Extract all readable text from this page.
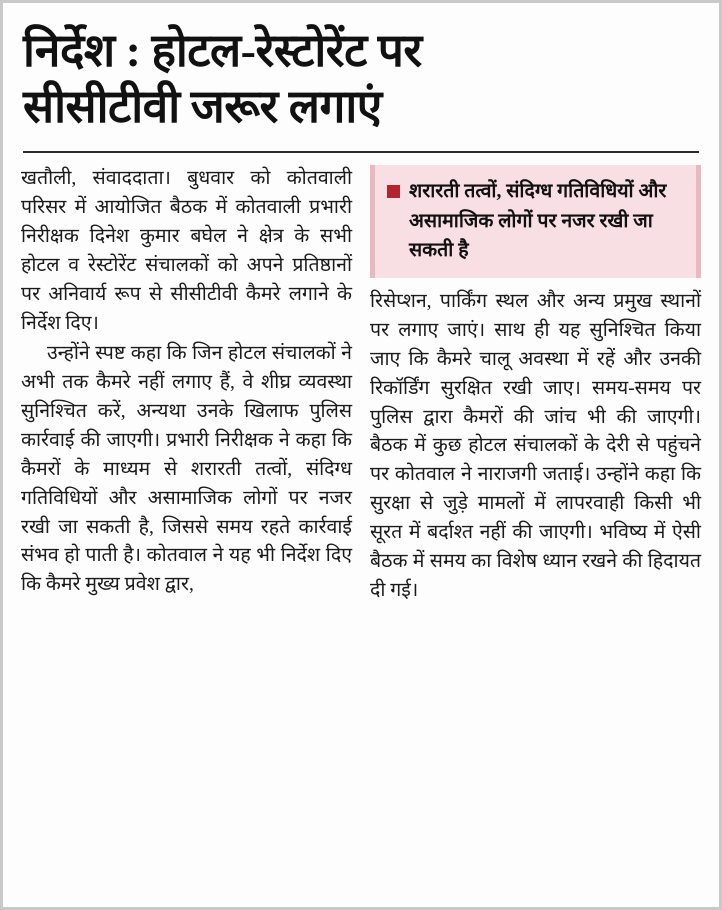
निर्देश : होटल-रेस्टोरेंट पर
सीसीटीवी जरूर लगाएं

खतौली, संवाददाता। बुधवार को कोतवाली परिसर में आयोजित बैठक में कोतवाली प्रभारी निरीक्षक दिनेश कुमार बघेल ने क्षेत्र के सभी होटल व रेस्टोरेंट संचालकों को अपने प्रतिष्ठानों पर अनिवार्य रूप से सीसीटीवी कैमरे लगाने के निर्देश दिए।

उन्होंने स्पष्ट कहा कि जिन होटल संचालकों ने अभी तक कैमरे नहीं लगाए हैं, वे शीघ्र व्यवस्था सुनिश्चित करें, अन्यथा उनके खिलाफ पुलिस कार्रवाई की जाएगी। प्रभारी निरीक्षक ने कहा कि कैमरों के माध्यम से शरारती तत्वों, संदिग्ध गतिविधियों और असामाजिक लोगों पर नजर रखी जा सकती है, जिससे समय रहते कार्रवाई संभव हो पाती है। कोतवाल ने यह भी निर्देश दिए कि कैमरे मुख्य प्रवेश द्वार,

शरारती तत्वों, संदिग्ध गतिविधियों और असामाजिक लोगों पर नजर रखी जा सकती है

रिसेप्शन, पार्किंग स्थल और अन्य प्रमुख स्थानों पर लगाए जाएं। साथ ही यह सुनिश्चित किया जाए कि कैमरे चालू अवस्था में रहें और उनकी रिकॉर्डिंग सुरक्षित रखी जाए। समय-समय पर पुलिस द्वारा कैमरों की जांच भी की जाएगी। बैठक में कुछ होटल संचालकों के देरी से पहुंचने पर कोतवाल ने नाराजगी जताई। उन्होंने कहा कि सुरक्षा से जुड़े मामलों में लापरवाही किसी भी सूरत में बर्दाश्त नहीं की जाएगी। भविष्य में ऐसी बैठक में समय का विशेष ध्यान रखने की हिदायत दी गई।
